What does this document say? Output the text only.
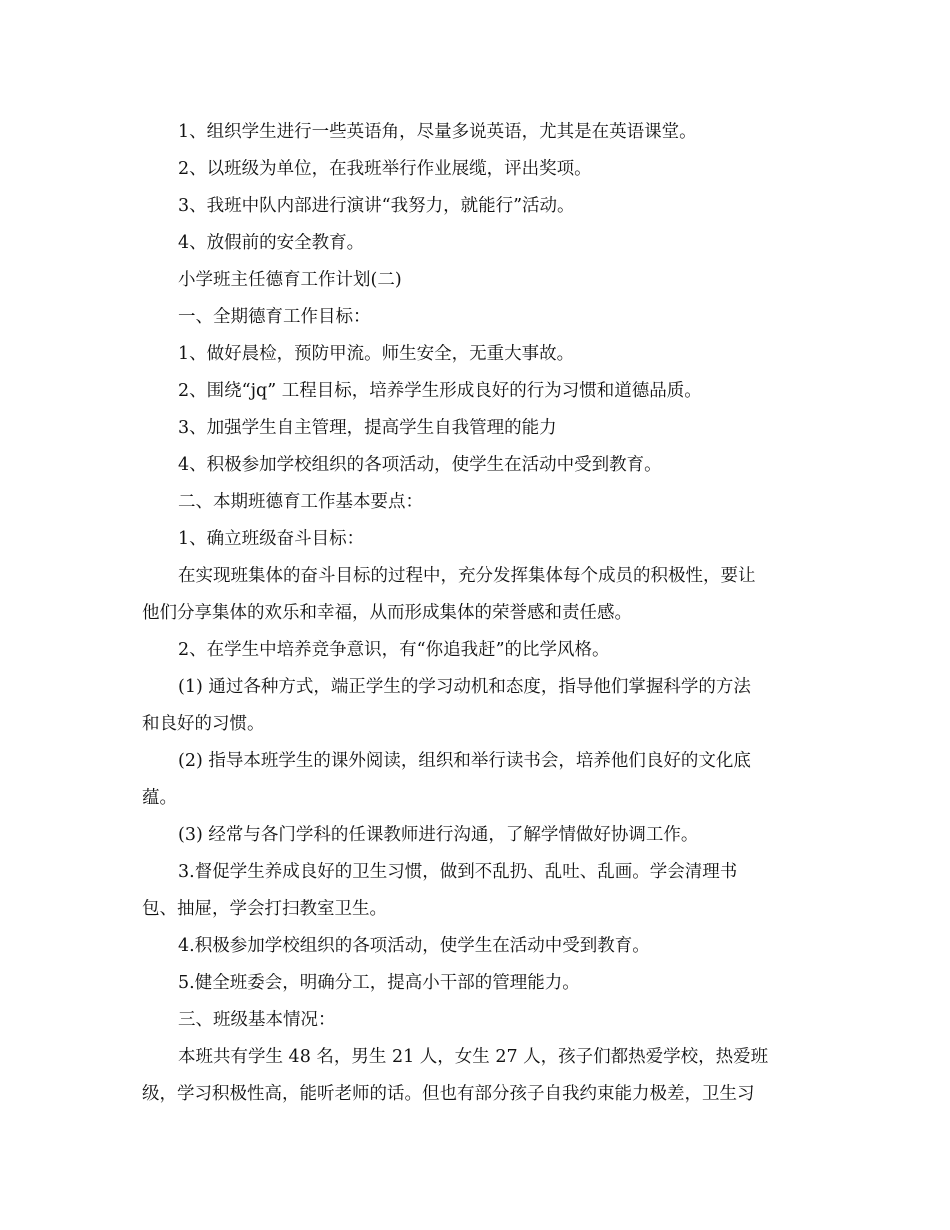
1、组织学生进行一些英语角，尽量多说英语，尤其是在英语课堂。

2、以班级为单位，在我班举行作业展缆，评出奖项。

3、我班中队内部进行演讲“我努力，就能行”活动。

4、放假前的安全教育。

小学班主任德育工作计划(二)

一、全期德育工作目标：

1、做好晨检，预防甲流。师生安全，无重大事故。

2、围绕“jq” 工程目标，培养学生形成良好的行为习惯和道德品质。

3、加强学生自主管理，提高学生自我管理的能力

4、积极参加学校组织的各项活动，使学生在活动中受到教育。

二、本期班德育工作基本要点：

1、确立班级奋斗目标：

在实现班集体的奋斗目标的过程中，充分发挥集体每个成员的积极性，要让
他们分享集体的欢乐和幸福，从而形成集体的荣誉感和责任感。

2、在学生中培养竞争意识，有“你追我赶”的比学风格。

(1) 通过各种方式，端正学生的学习动机和态度，指导他们掌握科学的方法
和良好的习惯。

(2) 指导本班学生的课外阅读，组织和举行读书会，培养他们良好的文化底
蕴。

(3) 经常与各门学科的任课教师进行沟通，了解学情做好协调工作。

3.督促学生养成良好的卫生习惯，做到不乱扔、乱吐、乱画。学会清理书
包、抽屉，学会打扫教室卫生。

4.积极参加学校组织的各项活动，使学生在活动中受到教育。

5.健全班委会，明确分工，提高小干部的管理能力。

三、班级基本情况：

本班共有学生 48 名，男生 21 人，女生 27 人，孩子们都热爱学校，热爱班
级，学习积极性高，能听老师的话。但也有部分孩子自我约束能力极差，卫生习
